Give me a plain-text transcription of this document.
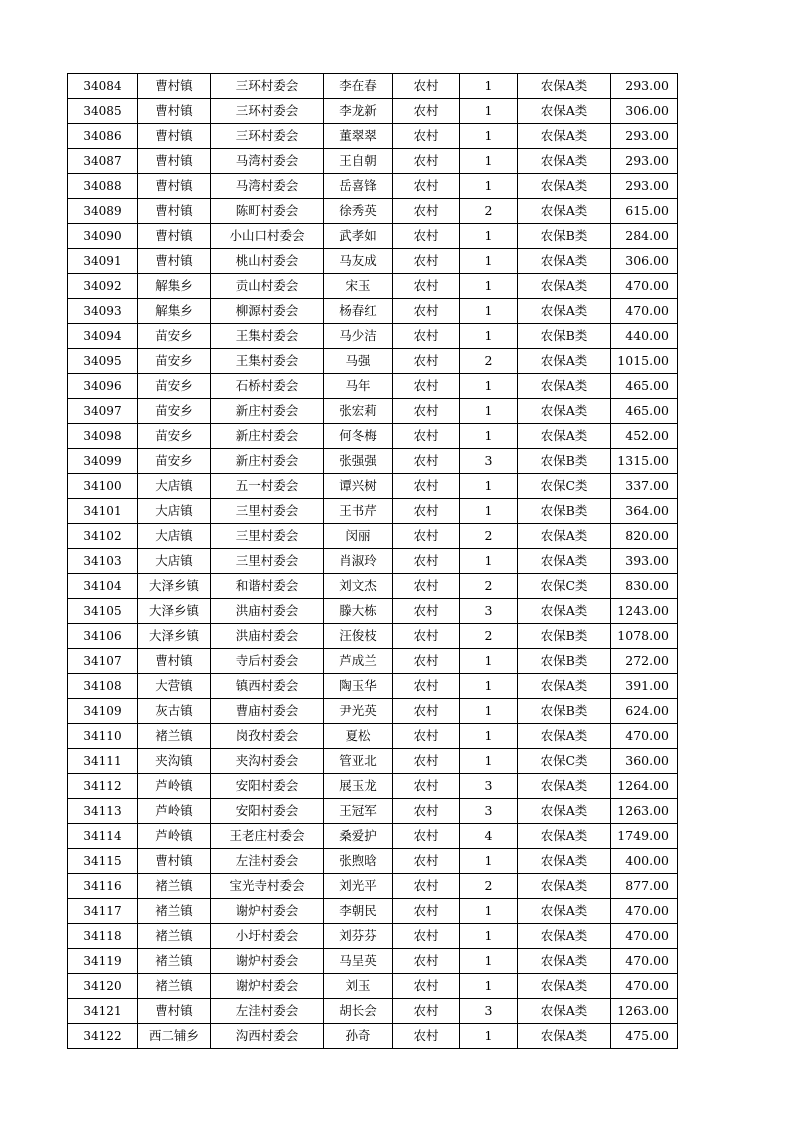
34084	曹村镇	三环村委会	李在春	农村	1	农保A类	293.00
34085	曹村镇	三环村委会	李龙新	农村	1	农保A类	306.00
34086	曹村镇	三环村委会	董翠翠	农村	1	农保A类	293.00
34087	曹村镇	马湾村委会	王自朝	农村	1	农保A类	293.00
34088	曹村镇	马湾村委会	岳喜锋	农村	1	农保A类	293.00
34089	曹村镇	陈町村委会	徐秀英	农村	2	农保A类	615.00
34090	曹村镇	小山口村委会	武孝如	农村	1	农保B类	284.00
34091	曹村镇	桃山村委会	马友成	农村	1	农保A类	306.00
34092	解集乡	贡山村委会	宋玉	农村	1	农保A类	470.00
34093	解集乡	柳源村委会	杨春红	农村	1	农保A类	470.00
34094	苗安乡	王集村委会	马少洁	农村	1	农保B类	440.00
34095	苗安乡	王集村委会	马强	农村	2	农保A类	1015.00
34096	苗安乡	石桥村委会	马年	农村	1	农保A类	465.00
34097	苗安乡	新庄村委会	张宏莉	农村	1	农保A类	465.00
34098	苗安乡	新庄村委会	何冬梅	农村	1	农保A类	452.00
34099	苗安乡	新庄村委会	张强强	农村	3	农保B类	1315.00
34100	大店镇	五一村委会	谭兴树	农村	1	农保C类	337.00
34101	大店镇	三里村委会	王书芹	农村	1	农保B类	364.00
34102	大店镇	三里村委会	闵丽	农村	2	农保A类	820.00
34103	大店镇	三里村委会	肖淑玲	农村	1	农保A类	393.00
34104	大泽乡镇	和谐村委会	刘文杰	农村	2	农保C类	830.00
34105	大泽乡镇	洪庙村委会	滕大栋	农村	3	农保A类	1243.00
34106	大泽乡镇	洪庙村委会	汪俊枝	农村	2	农保B类	1078.00
34107	曹村镇	寺后村委会	芦成兰	农村	1	农保B类	272.00
34108	大营镇	镇西村委会	陶玉华	农村	1	农保A类	391.00
34109	灰古镇	曹庙村委会	尹光英	农村	1	农保B类	624.00
34110	褚兰镇	岗孜村委会	夏松	农村	1	农保A类	470.00
34111	夹沟镇	夹沟村委会	管亚北	农村	1	农保C类	360.00
34112	芦岭镇	安阳村委会	展玉龙	农村	3	农保A类	1264.00
34113	芦岭镇	安阳村委会	王冠军	农村	3	农保A类	1263.00
34114	芦岭镇	王老庄村委会	桑爱护	农村	4	农保A类	1749.00
34115	曹村镇	左洼村委会	张煦晗	农村	1	农保A类	400.00
34116	褚兰镇	宝光寺村委会	刘光平	农村	2	农保A类	877.00
34117	褚兰镇	谢炉村委会	李朝民	农村	1	农保A类	470.00
34118	褚兰镇	小圩村委会	刘芬芬	农村	1	农保A类	470.00
34119	褚兰镇	谢炉村委会	马呈英	农村	1	农保A类	470.00
34120	褚兰镇	谢炉村委会	刘玉	农村	1	农保A类	470.00
34121	曹村镇	左洼村委会	胡长会	农村	3	农保A类	1263.00
34122	西二铺乡	沟西村委会	孙奇	农村	1	农保A类	475.00
